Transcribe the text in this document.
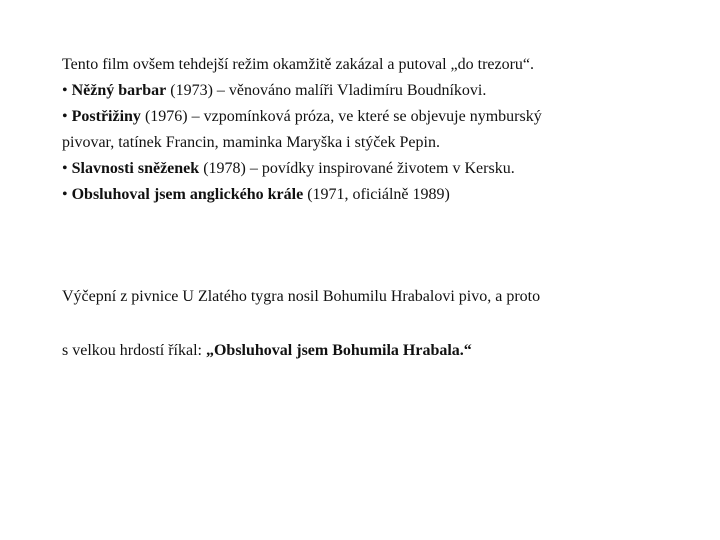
Tento film ovšem tehdejší režim okamžitě zakázal a putoval „do trezoru“.
• Něžný barbar (1973) – věnováno malíři Vladimíru Boudníkovi.
• Postřižiny (1976) – vzpomínková próza, ve které se objevuje nymburský
pivovar, tatínek Francin, maminka Maryška i stýček Pepin.
• Slavnosti sněženek (1978) – povídky inspirované životem v Kersku.
• Obsluhoval jsem anglického krále (1971, oficiálně 1989)
Výčepní z pivnice U Zlatého tygra nosil Bohumilu Hrabalovi pivo, a proto
s velkou hrdostí říkal: „Obsluhoval jsem Bohumila Hrabala.“
